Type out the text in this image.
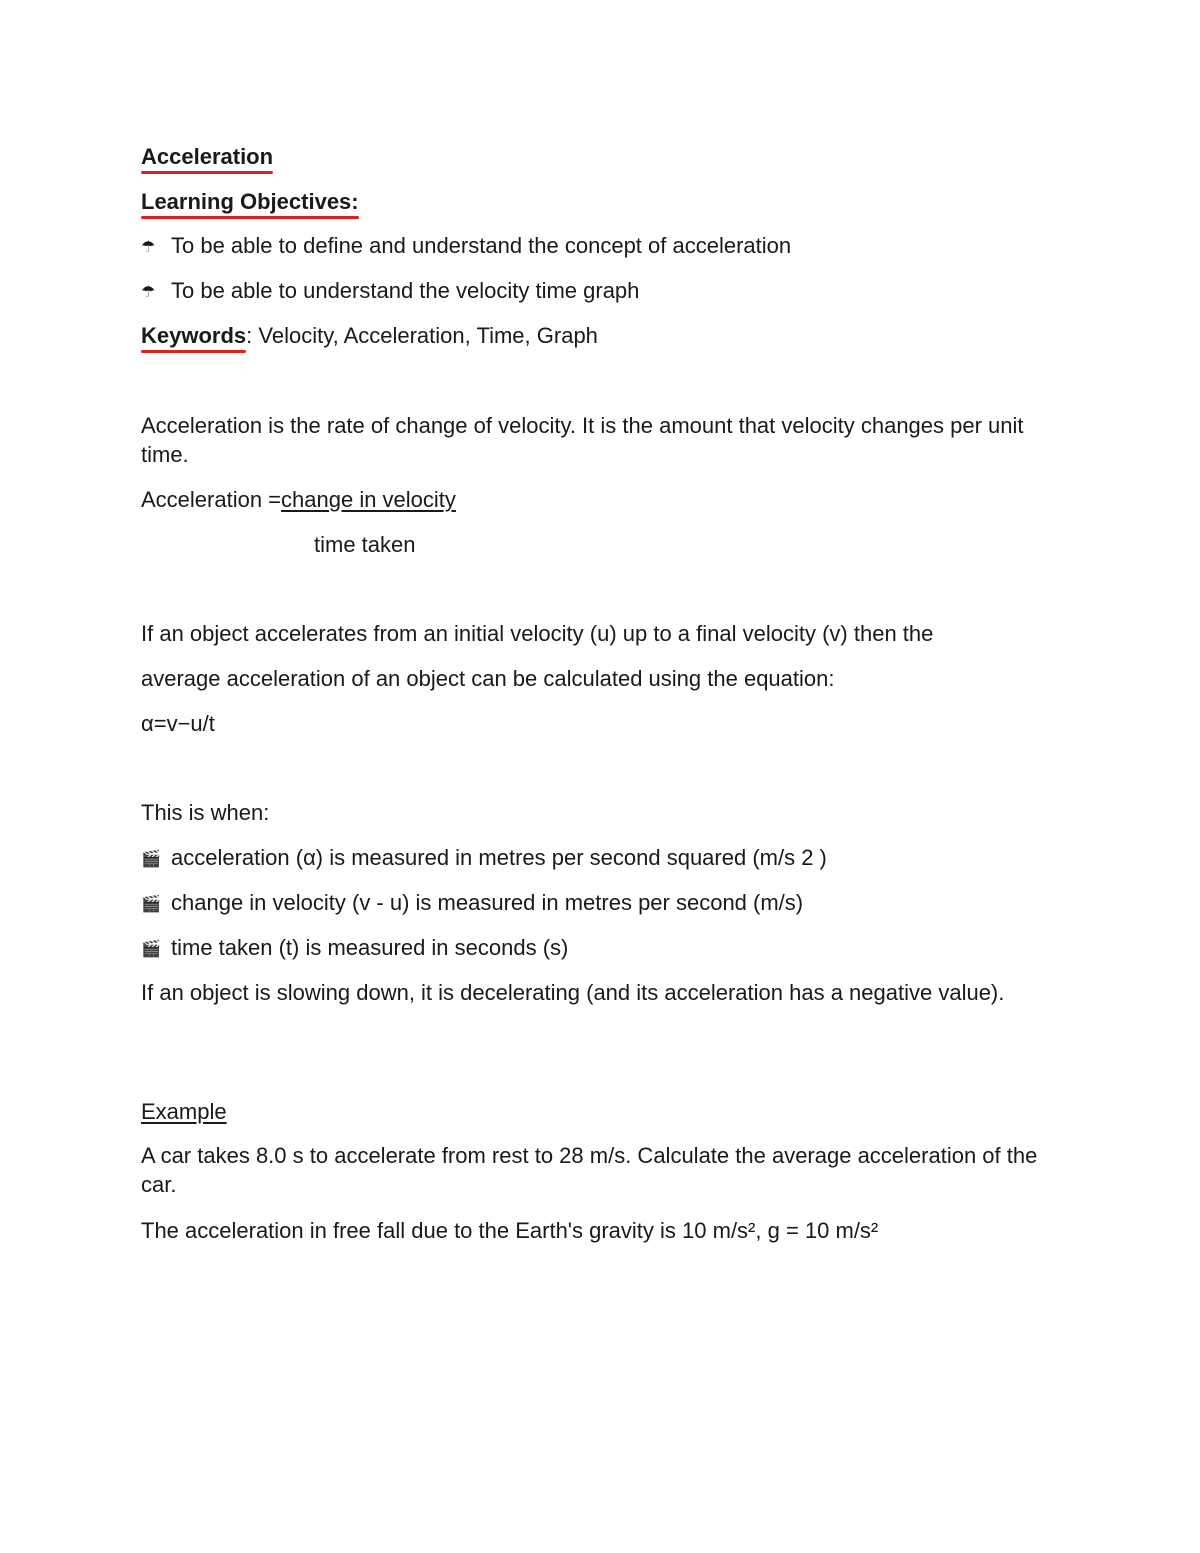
Acceleration
Learning Objectives:
☂ To be able to define and understand the concept of acceleration
☂ To be able to understand the velocity time graph
Keywords: Velocity, Acceleration, Time, Graph
Acceleration is the rate of change of velocity. It is the amount that velocity changes per unit time.
Acceleration =change in velocity
time taken
If an object accelerates from an initial velocity (u) up to a final velocity (v) then the
average acceleration of an object can be calculated using the equation:
α=v−u/t
This is when:
🎬 acceleration (α) is measured in metres per second squared (m/s 2 )
🎬 change in velocity (v - u) is measured in metres per second (m/s)
🎬 time taken (t) is measured in seconds (s)
If an object is slowing down, it is decelerating (and its acceleration has a negative value).
Example
A car takes 8.0 s to accelerate from rest to 28 m/s. Calculate the average acceleration of the car.
The acceleration in free fall due to the Earth's gravity is 10 m/s², g = 10 m/s²
